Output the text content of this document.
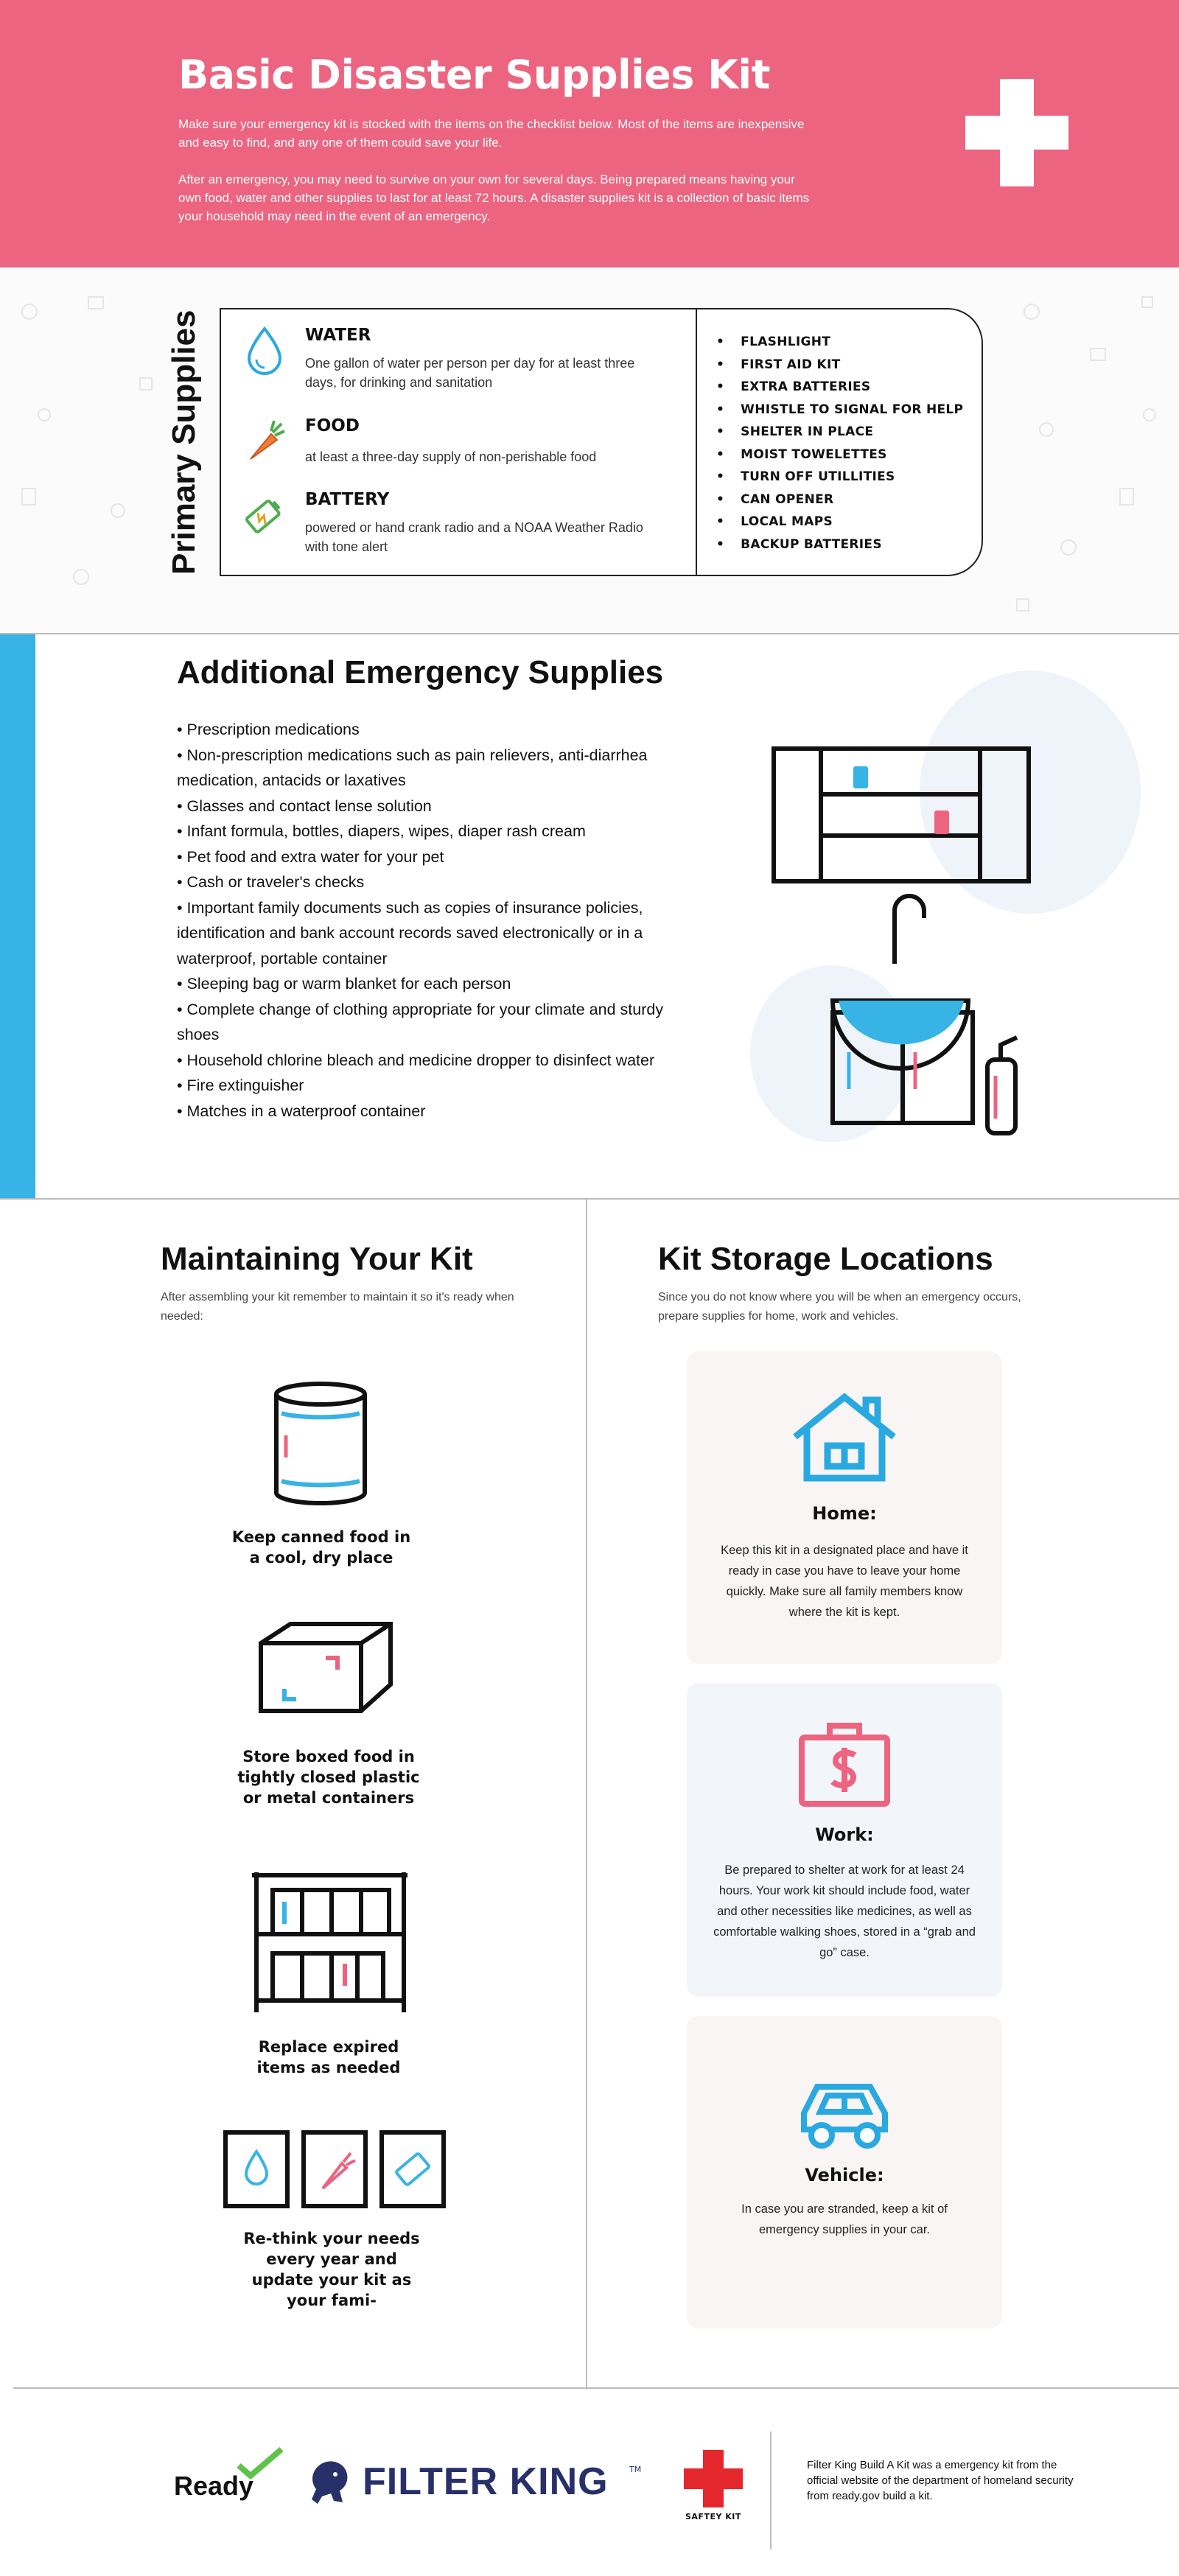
Basic Disaster Supplies Kit

Make sure your emergency kit is stocked with the items on the checklist below. Most of the items are inexpensive and easy to find, and any one of them could save your life.

After an emergency, you may need to survive on your own for several days. Being prepared means having your own food, water and other supplies to last for at least 72 hours. A disaster supplies kit is a collection of basic items your household may need in the event of an emergency.

Primary Supplies	WATER
One gallon of water per person per day for at least three days, for drinking and sanitation
FOOD
at least a three-day supply of non-perishable food
BATTERY
powered or hand crank radio and a NOAA Weather Radio with tone alert
• FLASHLIGHT
• FIRST AID KIT
• EXTRA BATTERIES
• WHISTLE TO SIGNAL FOR HELP
• SHELTER IN PLACE
• MOIST TOWELETTES
• TURN OFF UTILLITIES
• CAN OPENER
• LOCAL MAPS
• BACKUP BATTERIES
Additional Emergency Supplies
• Prescription medications
• Non-prescription medications such as pain relievers, anti-diarrhea medication, antacids or laxatives
• Glasses and contact lense solution
• Infant formula, bottles, diapers, wipes, diaper rash cream
• Pet food and extra water for your pet
• Cash or traveler's checks
• Important family documents such as copies of insurance policies, identification and bank account records saved electronically or in a waterproof, portable container
• Sleeping bag or warm blanket for each person
• Complete change of clothing appropriate for your climate and sturdy shoes
• Household chlorine bleach and medicine dropper to disinfect water
• Fire extinguisher
• Matches in a waterproof container
Maintaining Your Kit
After assembling your kit remember to maintain it so it's ready when needed:
Keep canned food in a cool, dry place
Store boxed food in tightly closed plastic or metal containers
Replace expired items as needed
Re-think your needs every year and update your kit as your fami-
Kit Storage Locations
Since you do not know where you will be when an emergency occurs, prepare supplies for home, work and vehicles.
Home:
Keep this kit in a designated place and have it ready in case you have to leave your home quickly. Make sure all family members know where the kit is kept.
Work:
Be prepared to shelter at work for at least 24 hours. Your work kit should include food, water and other necessities like medicines, as well as comfortable walking shoes, stored in a “grab and go” case.
Vehicle:
In case you are stranded, keep a kit of emergency supplies in your car.
Ready	FILTER KING	TM
SAFTEY KIT
Filter King Build A Kit was a emergency kit from the official website of the department of homeland security from ready.gov build a kit.
